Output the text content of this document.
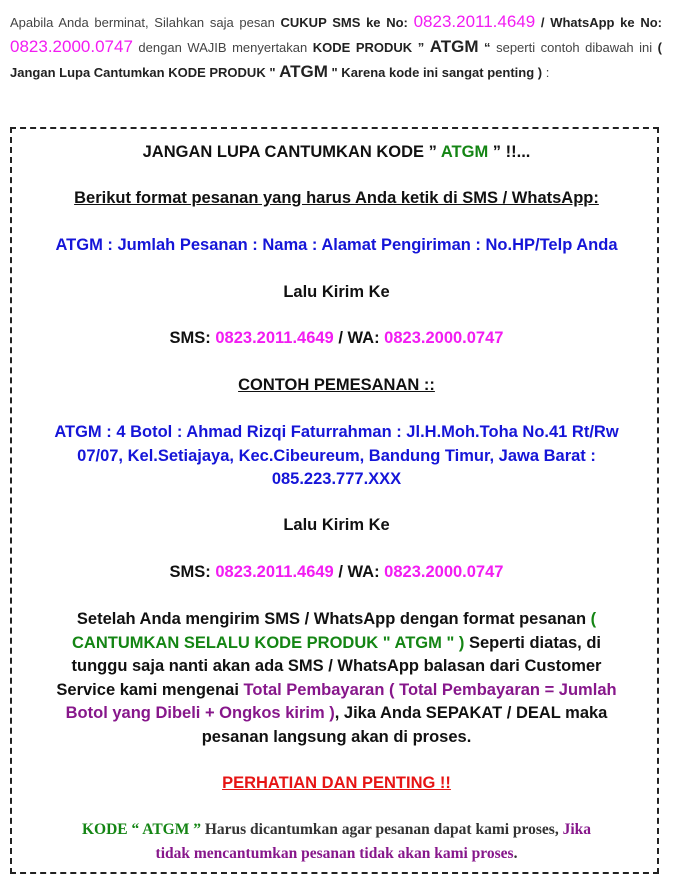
Apabila Anda berminat, Silahkan saja pesan CUKUP SMS ke No: 0823.2011.4649 / WhatsApp ke No: 0823.2000.0747 dengan WAJIB menyertakan KODE PRODUK ” ATGM “ seperti contoh dibawah ini ( Jangan Lupa Cantumkan KODE PRODUK " ATGM " Karena kode ini sangat penting ) :
JANGAN LUPA CANTUMKAN KODE ” ATGM ” !!...
Berikut format pesanan yang harus Anda ketik di SMS / WhatsApp:
ATGM : Jumlah Pesanan : Nama : Alamat Pengiriman : No.HP/Telp Anda
Lalu Kirim Ke
SMS: 0823.2011.4649 / WA: 0823.2000.0747
CONTOH PEMESANAN ::
ATGM : 4 Botol : Ahmad Rizqi Faturrahman : Jl.H.Moh.Toha No.41 Rt/Rw
07/07, Kel.Setiajaya, Kec.Cibeureum, Bandung Timur, Jawa Barat :
085.223.777.XXX
Lalu Kirim Ke
SMS: 0823.2011.4649 / WA: 0823.2000.0747
Setelah Anda mengirim SMS / WhatsApp dengan format pesanan (
CANTUMKAN SELALU KODE PRODUK " ATGM " ) Seperti diatas, di
tunggu saja nanti akan ada SMS / WhatsApp balasan dari Customer
Service kami mengenai Total Pembayaran ( Total Pembayaran = Jumlah
Botol yang Dibeli + Ongkos kirim ), Jika Anda SEPAKAT / DEAL maka
pesanan langsung akan di proses.
PERHATIAN DAN PENTING !!
KODE “ ATGM ” Harus dicantumkan agar pesanan dapat kami proses, Jika
tidak mencantumkan pesanan tidak akan kami proses.
